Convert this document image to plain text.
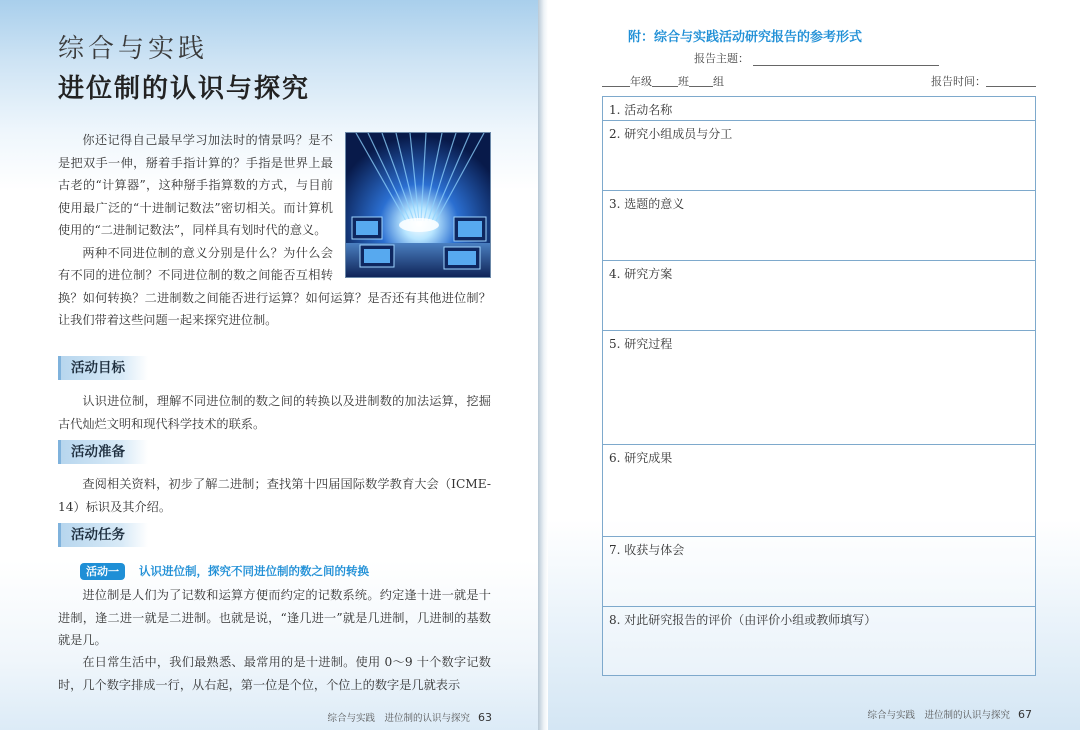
综合与实践
进位制的认识与探究

你还记得自己最早学习加法时的情景吗？是不是把双手一伸，掰着手指计算的？手指是世界上最古老的“计算器”，这种掰手指算数的方式，与目前使用最广泛的“十进制记数法”密切相关。而计算机使用的“二进制记数法”，同样具有划时代的意义。

两种不同进位制的意义分别是什么？为什么会有不同的进位制？不同进位制的数之间能否互相转换？如何转换？二进制数之间能否进行运算？如何运算？是否还有其他进位制？让我们带着这些问题一起来探究进位制。

活动目标
认识进位制，理解不同进位制的数之间的转换以及进制数的加法运算，挖掘古代灿烂文明和现代科学技术的联系。
活动准备
查阅相关资料，初步了解二进制；查找第十四届国际数学教育大会（ICME-14）标识及其介绍。
活动任务
活动一	认识进位制，探究不同进位制的数之间的转换
进位制是人们为了记数和运算方便而约定的记数系统。约定逢十进一就是十进制，逢二进一就是二进制。也就是说，“逢几进一”就是几进制，几进制的基数就是几。
在日常生活中，我们最熟悉、最常用的是十进制。使用 0～9 十个数字记数时，几个数字排成一行，从右起，第一位是个位，个位上的数字是几就表示
综合与实践　进位制的认识与探究 63
附：综合与实践活动研究报告的参考形式
报告主题：
年级 班 组	报告时间：
1. 活动名称
2. 研究小组成员与分工
3. 选题的意义
4. 研究方案
5. 研究过程
6. 研究成果
7. 收获与体会
8. 对此研究报告的评价（由评价小组或教师填写）
综合与实践　进位制的认识与探究 67
